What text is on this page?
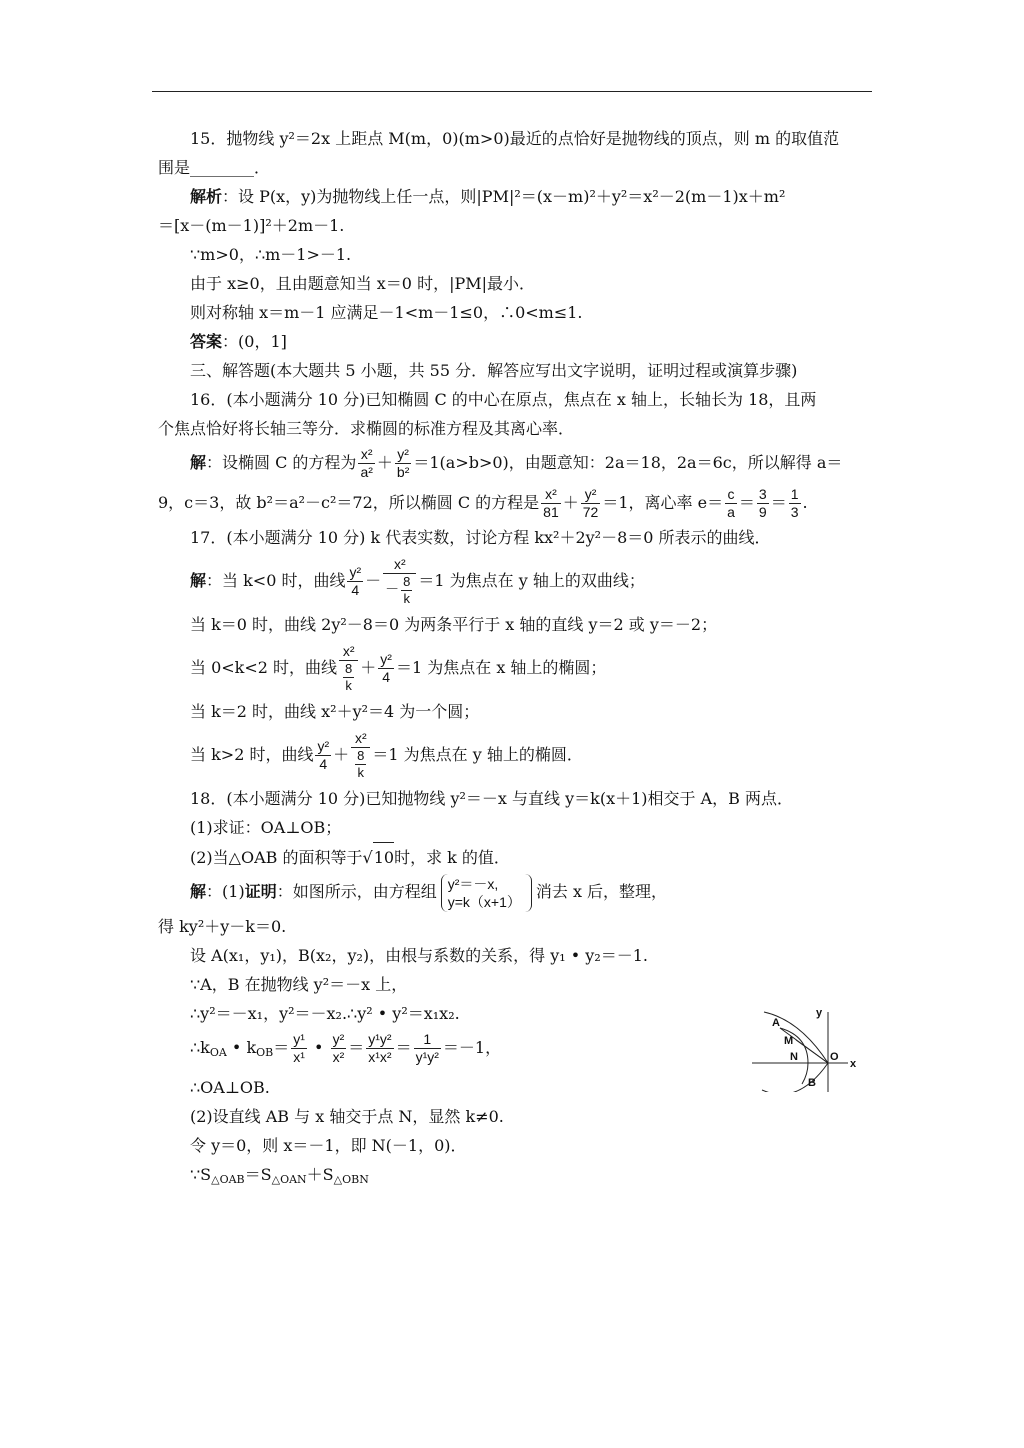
15．抛物线 y²＝2x 上距点 M(m，0)(m>0)最近的点恰好是抛物线的顶点，则 m 的取值范
围是________．
解析：设 P(x，y)为抛物线上任一点，则|PM|²＝(x－m)²＋y²＝x²－2(m－1)x＋m²
＝[x－(m－1)]²＋2m－1.
∵m>0，∴m－1>－1.
由于 x≥0，且由题意知当 x＝0 时，|PM|最小．
则对称轴 x＝m－1 应满足－1<m－1≤0，∴0<m≤1.
答案：(0，1]
三、解答题(本大题共 5 小题，共 55 分．解答应写出文字说明，证明过程或演算步骤)
16．(本小题满分 10 分)已知椭圆 C 的中心在原点，焦点在 x 轴上，长轴长为 18，且两
个焦点恰好将长轴三等分．求椭圆的标准方程及其离心率．
解：设椭圆 C 的方程为 $\frac{\text{x²}}{\text{a²}} + \frac{\text{y²}}{\text{b²}} =1(a>b>0)$，由题意知：2a＝18，2a＝6c，所以解得 a＝
9，c＝3，故 b²＝a²－c²＝72，所以椭圆 C 的方程是 $\frac{\text{x²}}{81} + \frac{\text{y²}}{72} =1$，离心率 $e= \frac{c}{a} = \frac{3}{9} = \frac{1}{3}$ .
17．(本小题满分 10 分) k 代表实数，讨论方程 kx²＋2y²－8＝0 所表示的曲线．
解：当 k<0 时，曲线 $\frac{\text{y²}}{4} - \frac{\text{x²}}{- \frac{8}{k}} =1$ 为焦点在 y 轴上的双曲线；
当 k＝0 时，曲线 2y²－8＝0 为两条平行于 x 轴的直线 y＝2 或 y＝－2；
当 0<k<2 时，曲线 $\frac{\text{x²}}{\frac{8}{k}} + \frac{\text{y²}}{4} =1$ 为焦点在 x 轴上的椭圆；
当 k＝2 时，曲线 x²＋y²＝4 为一个圆；
当 k>2 时，曲线 $\frac{\text{y²}}{4} + \frac{\text{x²}}{\frac{8}{k}} =1$ 为焦点在 y 轴上的椭圆．
18．(本小题满分 10 分)已知抛物线 y²＝－x 与直线 y＝k(x＋1)相交于 A，B 两点．
(1)求证：OA⊥OB；
(2)当△OAB 的面积等于√10时，求 k 的值．
解：(1)证明：如图所示，由方程组 y²＝－x,
y=k（x+1）
消去 x 后，整理，
得 ky²＋y－k＝0.
设 A(x₁，y₁)，B(x₂，y₂)，由根与系数的关系，得 y₁ • y₂＝－1.
∵A，B 在抛物线 y²＝－x 上，
∴y²＝－x₁，y²＝－x₂.∴y² • y²＝x₁x₂.
$\therefore k_{OA}$ • $k_{OB}= \frac{\text{y¹}}{\text{x¹}}$ • $\frac{\text{y²}}{\text{x²}} = \frac{\text{y¹y²}}{\text{x¹x²}} = \frac{1}{\text{y¹y²}} =-1$，
∴OA⊥OB.
(2)设直线 AB 与 x 轴交于点 N，显然 k≠0.
令 y＝0，则 x＝－1，即 N(－1，0)．
$\because S_{\triangle OAB}=S_{\triangle OAN}+S_{\triangle OBN}$
y
A
M
N	O
x
B
